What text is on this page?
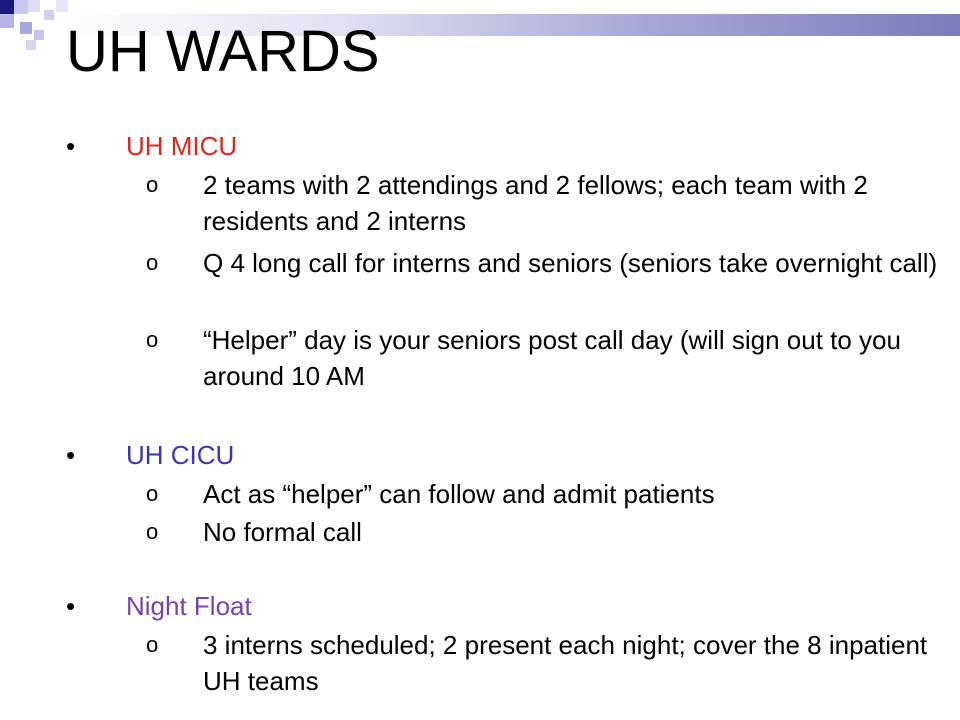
UH WARDS
• UH MICU
o 2 teams with 2 attendings and 2 fellows; each team with 2 residents and 2 interns
o Q 4 long call for interns and seniors (seniors take overnight call)
o “Helper” day is your seniors post call day (will sign out to you around 10 AM
• UH CICU
o Act as “helper” can follow and admit patients
o No formal call
• Night Float
o 3 interns scheduled; 2 present each night; cover the 8 inpatient UH teams
